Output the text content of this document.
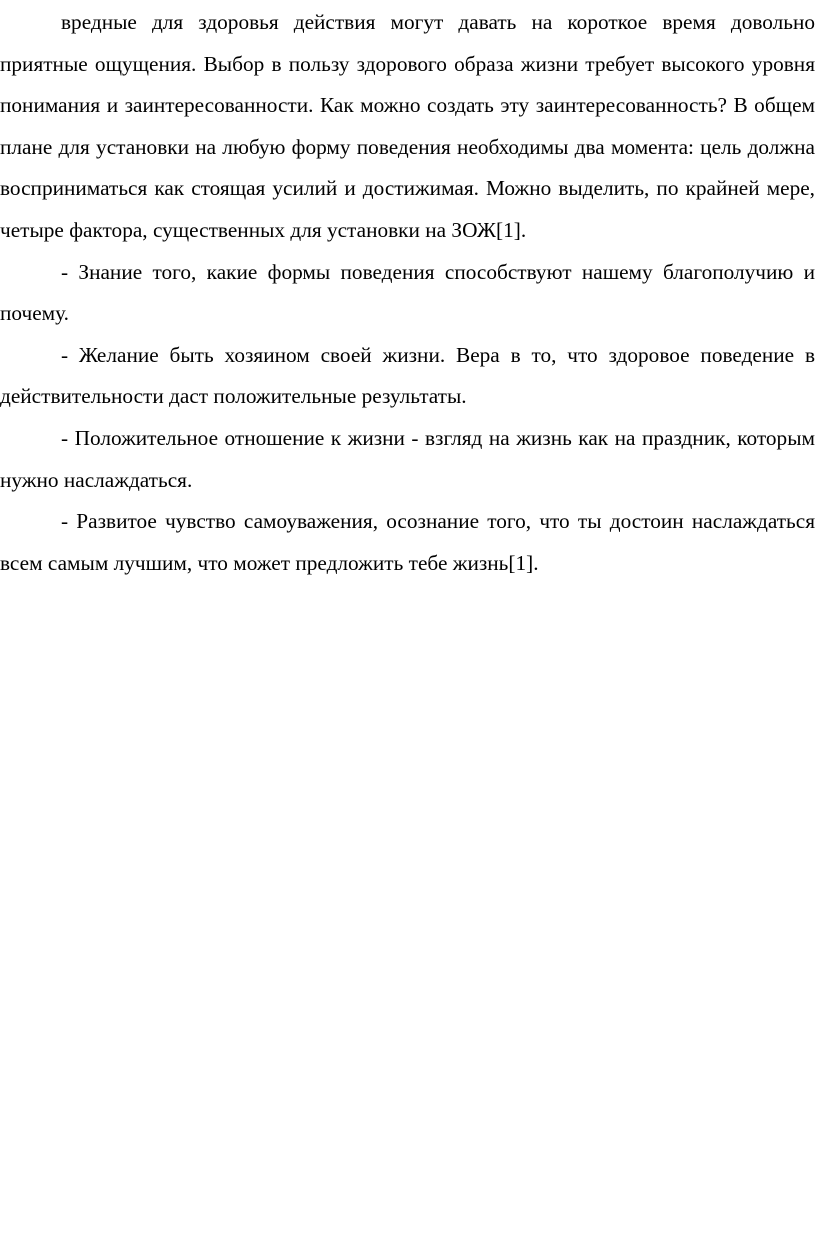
вредные для здоровья действия могут давать на короткое время довольно приятные ощущения. Выбор в пользу здорового образа жизни требует высокого уровня понимания и заинтересованности. Как можно создать эту заинтересованность? В общем плане для установки на любую форму поведения необходимы два момента: цель должна восприниматься как стоящая усилий и достижимая. Можно выделить, по крайней мере, четыре фактора, существенных для установки на ЗОЖ[1].

- Знание того, какие формы поведения способствуют нашему благополучию и почему.

- Желание быть хозяином своей жизни. Вера в то, что здоровое поведение в действительности даст положительные результаты.

- Положительное отношение к жизни - взгляд на жизнь как на праздник, которым нужно наслаждаться.

- Развитое чувство самоуважения, осознание того, что ты достоин наслаждаться всем самым лучшим, что может предложить тебе жизнь[1].
